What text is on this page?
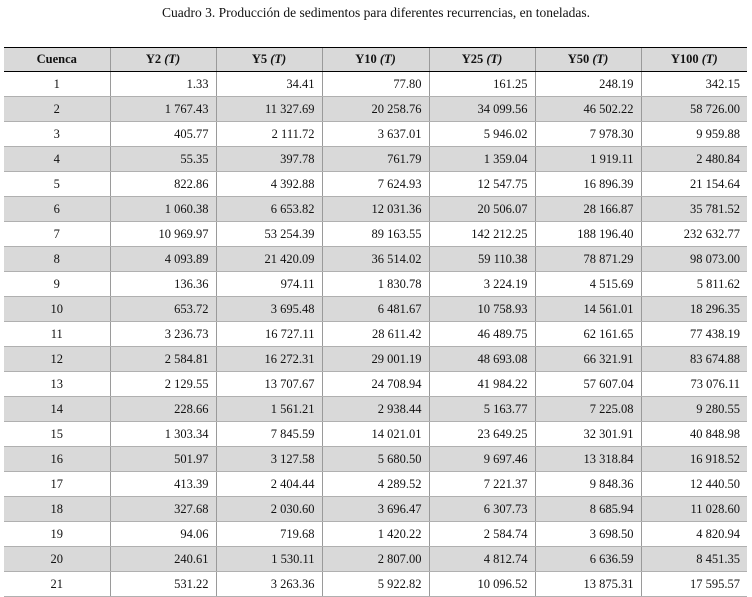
Cuadro 3. Producción de sedimentos para diferentes recurrencias, en toneladas.
Cuenca	Y2 (T)	Y5 (T)	Y10 (T)	Y25 (T)	Y50 (T)	Y100 (T)
1	1.33	34.41	77.80	161.25	248.19	342.15
2	1 767.43	11 327.69	20 258.76	34 099.56	46 502.22	58 726.00
3	405.77	2 111.72	3 637.01	5 946.02	7 978.30	9 959.88
4	55.35	397.78	761.79	1 359.04	1 919.11	2 480.84
5	822.86	4 392.88	7 624.93	12 547.75	16 896.39	21 154.64
6	1 060.38	6 653.82	12 031.36	20 506.07	28 166.87	35 781.52
7	10 969.97	53 254.39	89 163.55	142 212.25	188 196.40	232 632.77
8	4 093.89	21 420.09	36 514.02	59 110.38	78 871.29	98 073.00
9	136.36	974.11	1 830.78	3 224.19	4 515.69	5 811.62
10	653.72	3 695.48	6 481.67	10 758.93	14 561.01	18 296.35
11	3 236.73	16 727.11	28 611.42	46 489.75	62 161.65	77 438.19
12	2 584.81	16 272.31	29 001.19	48 693.08	66 321.91	83 674.88
13	2 129.55	13 707.67	24 708.94	41 984.22	57 607.04	73 076.11
14	228.66	1 561.21	2 938.44	5 163.77	7 225.08	9 280.55
15	1 303.34	7 845.59	14 021.01	23 649.25	32 301.91	40 848.98
16	501.97	3 127.58	5 680.50	9 697.46	13 318.84	16 918.52
17	413.39	2 404.44	4 289.52	7 221.37	9 848.36	12 440.50
18	327.68	2 030.60	3 696.47	6 307.73	8 685.94	11 028.60
19	94.06	719.68	1 420.22	2 584.74	3 698.50	4 820.94
20	240.61	1 530.11	2 807.00	4 812.74	6 636.59	8 451.35
21	531.22	3 263.36	5 922.82	10 096.52	13 875.31	17 595.57
